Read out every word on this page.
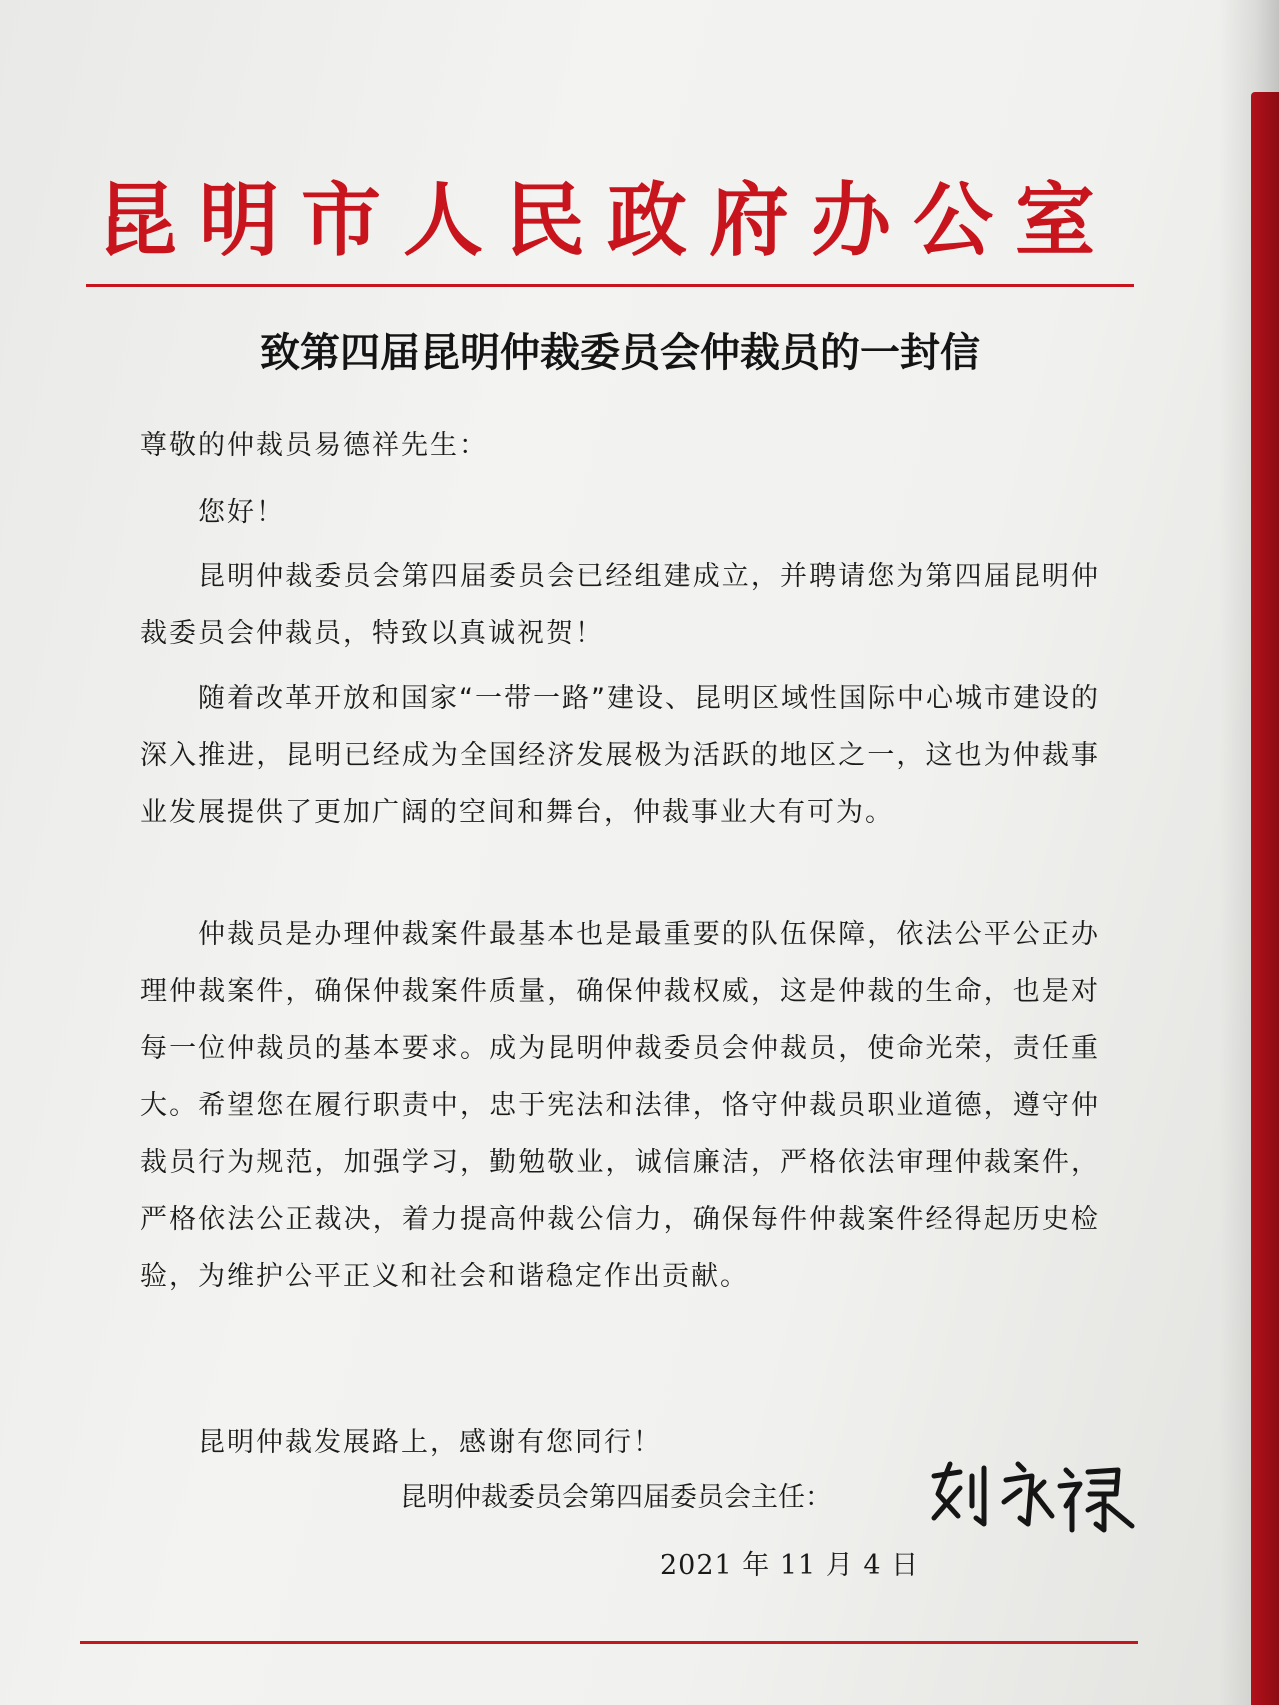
昆明市人民政府办公室
致第四届昆明仲裁委员会仲裁员的一封信
尊敬的仲裁员易德祥先生：
您好！
昆明仲裁委员会第四届委员会已经组建成立，并聘请您为第四届昆明仲裁委员会仲裁员，特致以真诚祝贺！
随着改革开放和国家“一带一路”建设、昆明区域性国际中心城市建设的深入推进，昆明已经成为全国经济发展极为活跃的地区之一，这也为仲裁事业发展提供了更加广阔的空间和舞台，仲裁事业大有可为。
仲裁员是办理仲裁案件最基本也是最重要的队伍保障，依法公平公正办理仲裁案件，确保仲裁案件质量，确保仲裁权威，这是仲裁的生命，也是对每一位仲裁员的基本要求。成为昆明仲裁委员会仲裁员，使命光荣，责任重大。希望您在履行职责中，忠于宪法和法律，恪守仲裁员职业道德，遵守仲裁员行为规范，加强学习，勤勉敬业，诚信廉洁，严格依法审理仲裁案件，严格依法公正裁决，着力提高仲裁公信力，确保每件仲裁案件经得起历史检验，为维护公平正义和社会和谐稳定作出贡献。
昆明仲裁发展路上，感谢有您同行！
昆明仲裁委员会第四届委员会主任：
2021 年 11 月 4 日
